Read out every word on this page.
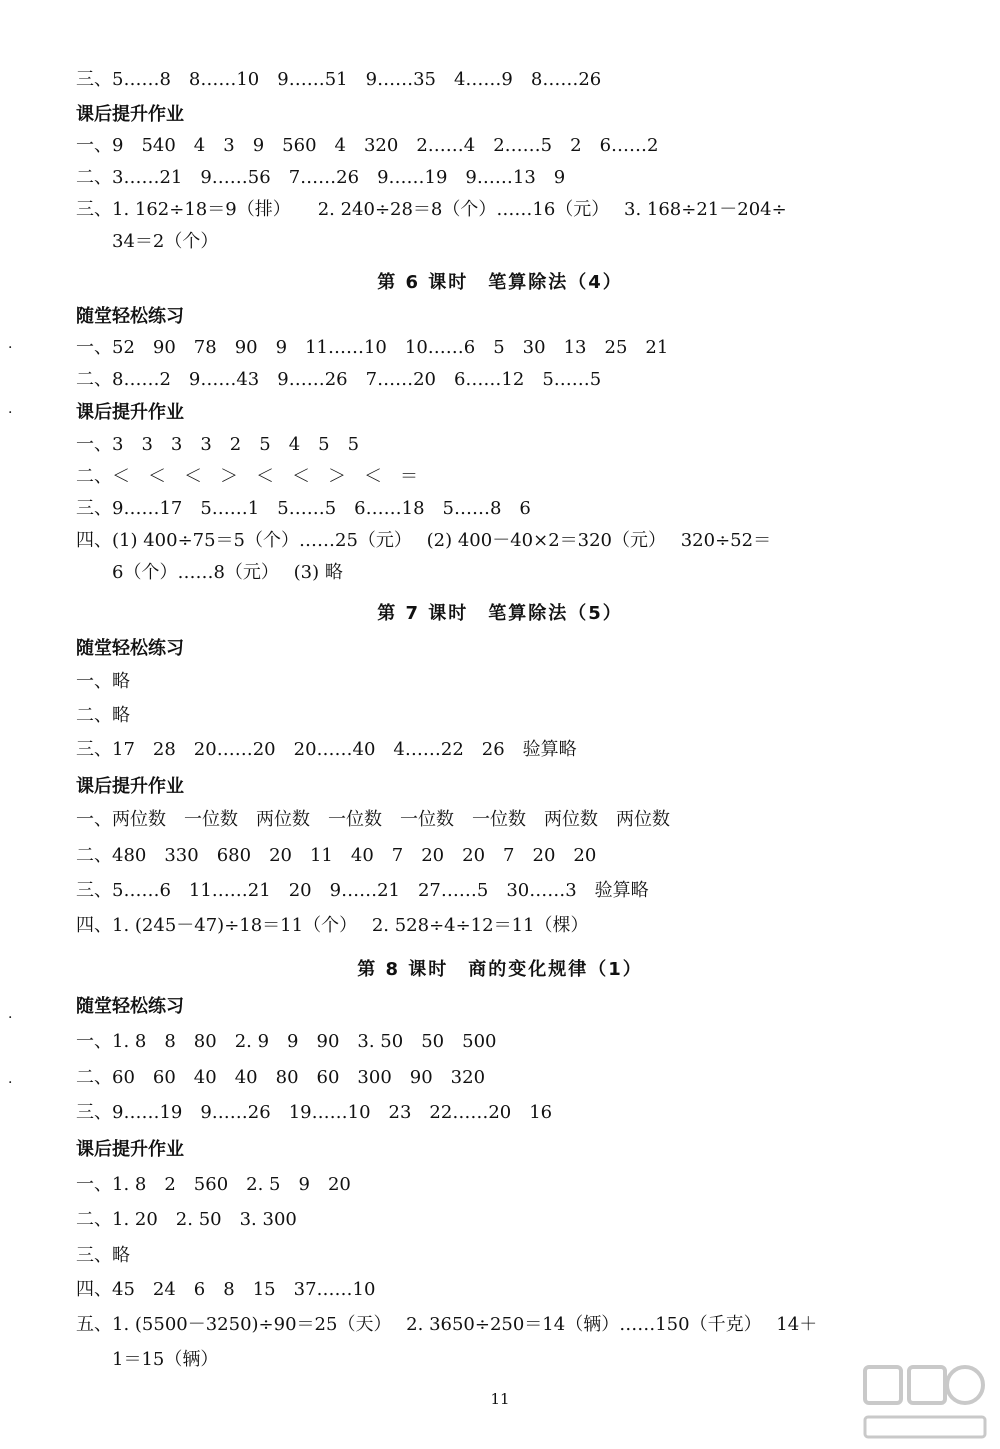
三、5……8　8……10　9……51　9……35　4……9　8……26
课后提升作业
一、9　540　4　3　9　560　4　320　2……4　2……5　2　6……2
二、3……21　9……56　7……26　9……19　9……13　9
三、1. 162÷18＝9（排）　　2. 240÷28＝8（个）……16（元）　 3. 168÷21－204÷
34＝2（个）
第 6 课时　笔算除法（4）
随堂轻松练习
一、52　90　78　90　9　11……10　10……6　5　30　13　25　21
二、8……2　9……43　9……26　7……20　6……12　5……5
课后提升作业
一、3　3　3　3　2　5　4　5　5
二、＜　＜　＜　＞　＜　＜　＞　＜　＝
三、9……17　5……1　5……5　6……18　5……8　6
四、(1) 400÷75＝5（个）……25（元）　 (2) 400－40×2＝320（元）　 320÷52＝
6（个）……8（元）　 (3) 略
第 7 课时　笔算除法（5）
随堂轻松练习
一、略
二、略
三、17　28　20……20　20……40　4……22　26　验算略
课后提升作业
一、两位数　一位数　两位数　一位数　一位数　一位数　两位数　两位数
二、480　330　680　20　11　40　7　20　20　7　20　20
三、5……6　11……21　20　9……21　27……5　30……3　验算略
四、1. (245－47)÷18＝11（个）　 2. 528÷4÷12＝11（棵）
第 8 课时　商的变化规律（1）
随堂轻松练习
一、1. 8　8　80　2. 9　9　90　3. 50　50　500
二、60　60　40　40　80　60　300　90　320
三、9……19　9……26　19……10　23　22……20　16
课后提升作业
一、1. 8　2　560　2. 5　9　20
二、1. 20　2. 50　3. 300
三、略
四、45　24　6　8　15　37……10
五、1. (5500－3250)÷90＝25（天）　 2. 3650÷250＝14（辆）……150（千克）　 14＋
1＝15（辆）
11
·
·
·
·
